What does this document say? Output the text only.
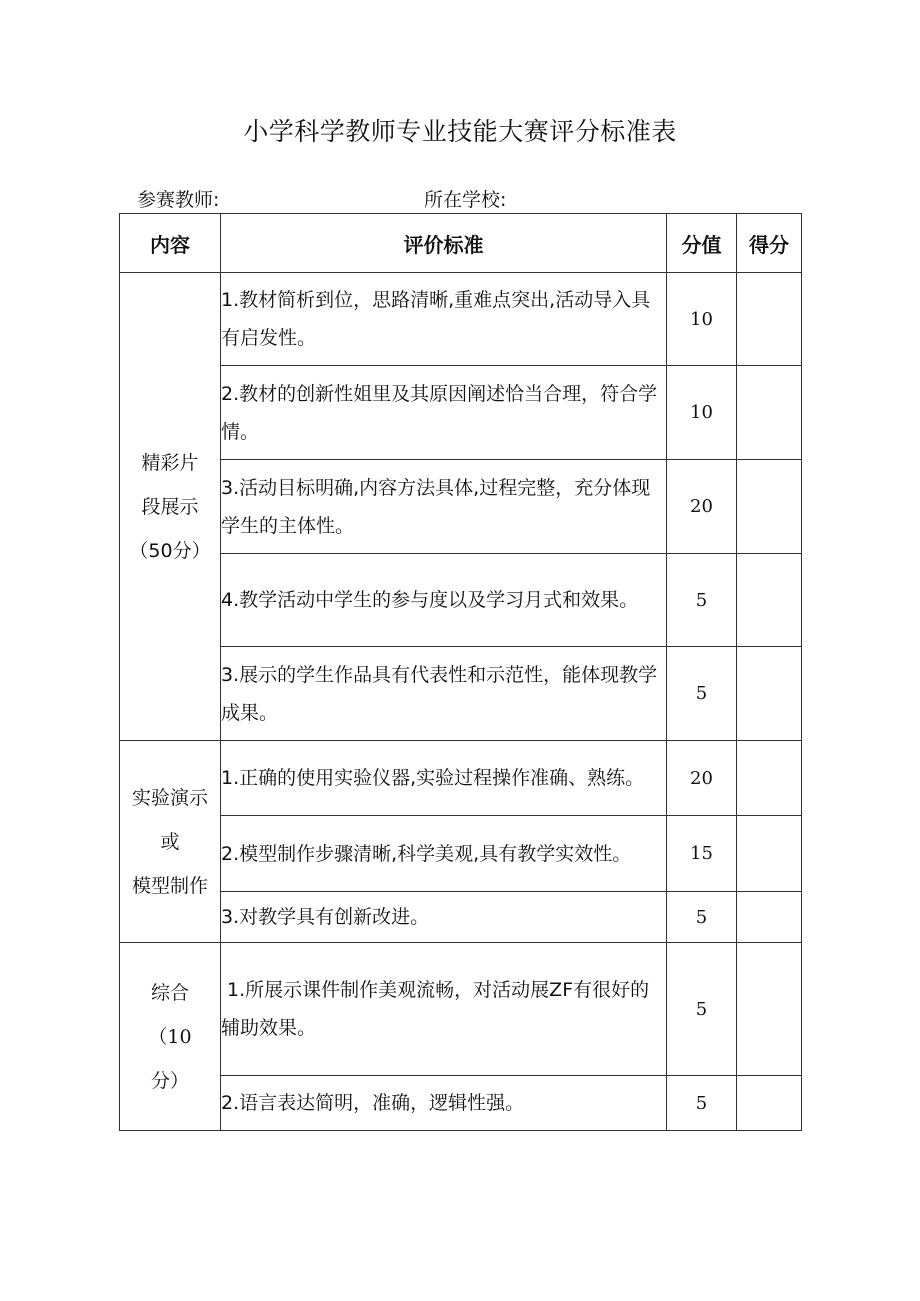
小学科学教师专业技能大赛评分标准表
参赛教师:	所在学校:
内容	评价标准	分值	得分

精彩片
段展示
（50分）	1.教材简析到位，思路清晰,重难点突出,活动导入具有启发性。	10	
	2.教材的创新性姐里及其原因阐述恰当合理，符合学情。	10	
	3.活动目标明确,内容方法具体,过程完整，充分体现学生的主体性。	20	
	4.教学活动中学生的参与度以及学习月式和效果。	5	
	3.展示的学生作品具有代表性和示范性，能体现教学成果。	5	

实验演示
或
模型制作	1.正确的使用实验仪器,实验过程操作准确、熟练。	20	
	2.模型制作步骤清晰,科学美观,具有教学实效性。	15	
	3.对教学具有创新改进。	5	

综合
（10
分）	1.所展示课件制作美观流畅，对活动展ZF有很好的辅助效果。	5	
	2.语言表达简明，准确，逻辑性强。	5	
